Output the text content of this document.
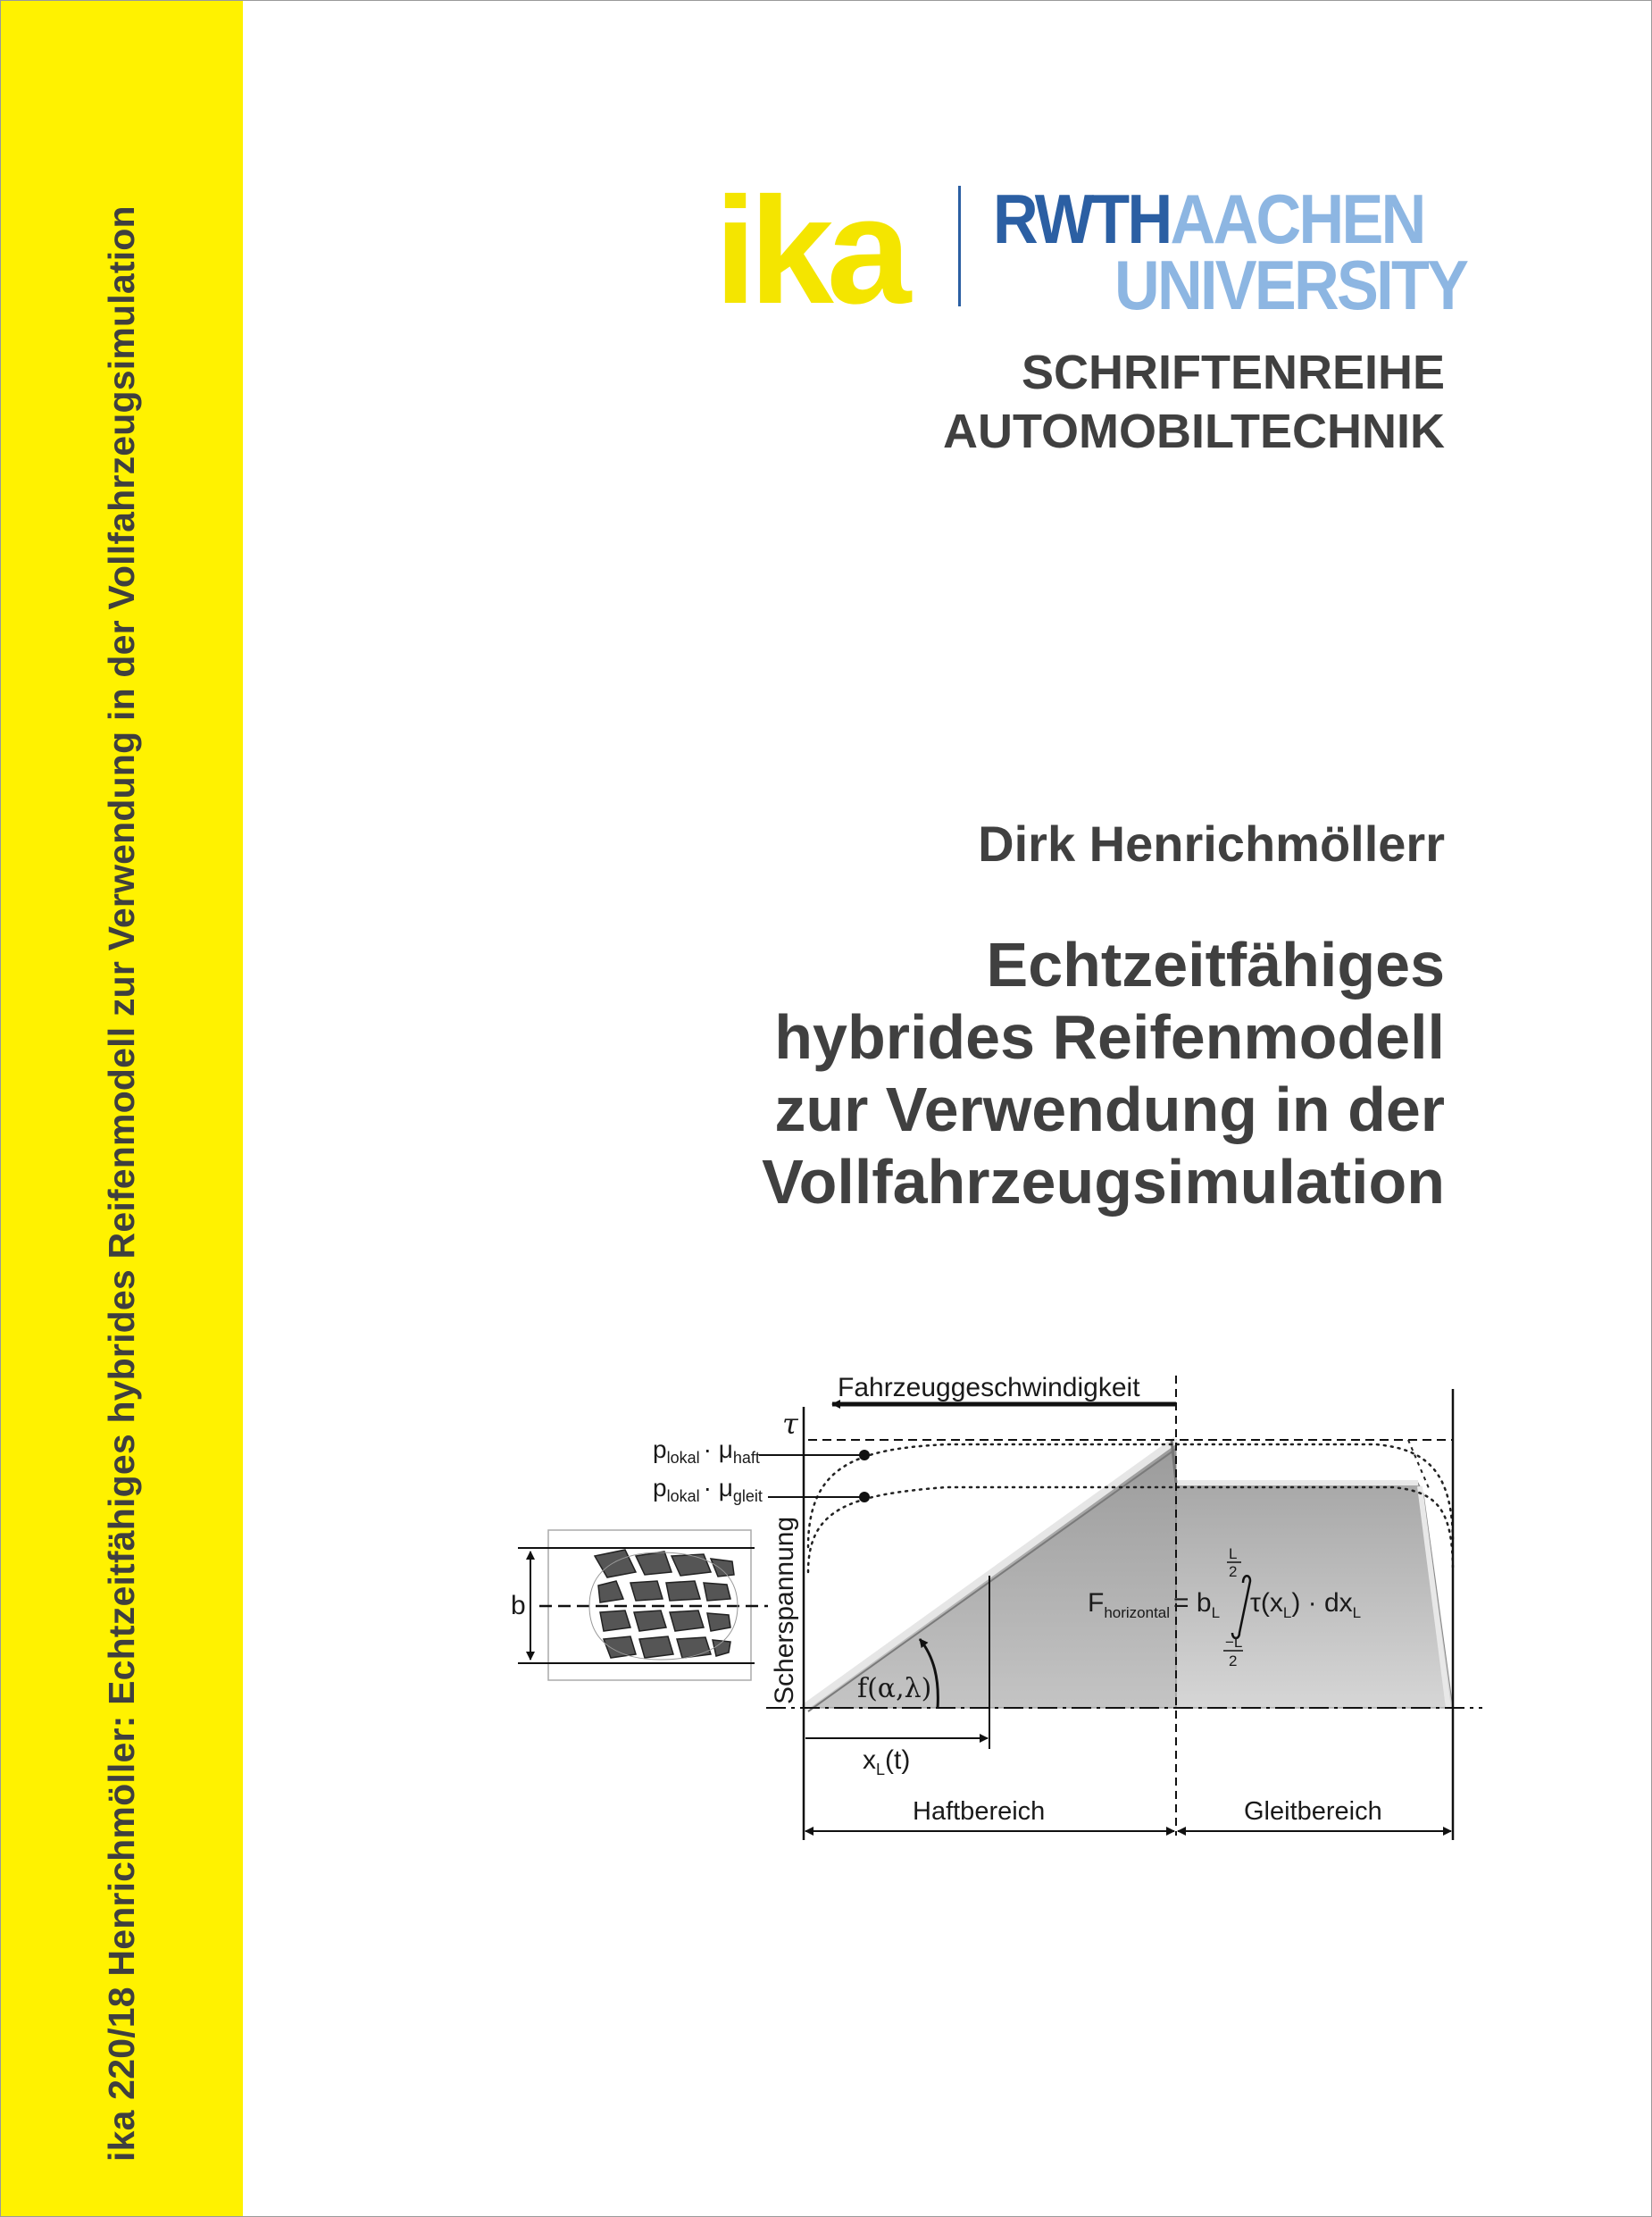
ika 220/18 Henrichmöller: Echtzeitfähiges hybrides Reifenmodell zur Verwendung in der Vollfahrzeugsimulation	ika RWTHAACHEN
UNIVERSITY
SCHRIFTENREIHE
AUTOMOBILTECHNIK
Dirk Henrichmöllerr
Echtzeitfähiges
hybrides Reifenmodell
zur Verwendung in der
Vollfahrzeugsimulation
Fahrzeuggeschwindigkeit
τ
$p_{lokal} \cdot \mu_{haft}$
$p_{lokal} \cdot \mu_{gleit}$
Scherspannung
b
f(α,λ)
$x_L(t)$
$F_{horizontal} = b_L$
L
2
−L
2
$\tau(x_L) \cdot dx_L$
Haftbereich	Gleitbereich
